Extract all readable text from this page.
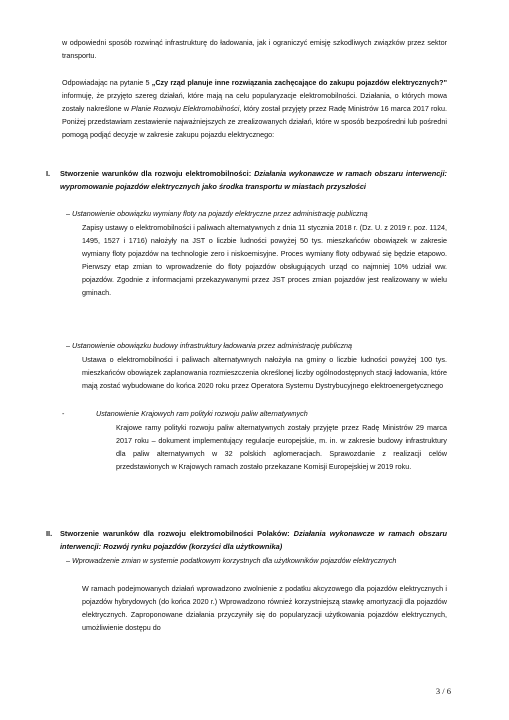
w odpowiedni sposób rozwinąć infrastrukturę do ładowania, jak i ograniczyć emisję szkodliwych związków przez sektor transportu.

Odpowiadając na pytanie 5 „Czy rząd planuje inne rozwiązania zachęcające do zakupu pojazdów elektrycznych?" informuję, że przyjęto szereg działań, które mają na celu popularyzacje elektromobilności. Działania, o których mowa zostały nakreślone w Planie Rozwoju Elektromobilności, który został przyjęty przez Radę Ministrów 16 marca 2017 roku. Poniżej przedstawiam zestawienie najważniejszych ze zrealizowanych działań, które w sposób bezpośredni lub pośredni pomogą podjąć decyzje w zakresie zakupu pojazdu elektrycznego:

I. Stworzenie warunków dla rozwoju elektromobilności: Działania wykonawcze w ramach obszaru interwencji: wypromowanie pojazdów elektrycznych jako środka transportu w miastach przyszłości

– Ustanowienie obowiązku wymiany floty na pojazdy elektryczne przez administrację publiczną

Zapisy ustawy o elektromobilności i paliwach alternatywnych z dnia 11 stycznia 2018 r. (Dz. U. z 2019 r. poz. 1124, 1495, 1527 i 1716) nałożyły na JST o liczbie ludności powyżej 50 tys. mieszkańców obowiązek w zakresie wymiany floty pojazdów na technologie zero i niskoemisyjne. Proces wymiany floty odbywać się będzie etapowo. Pierwszy etap zmian to wprowadzenie do floty pojazdów obsługujących urząd co najmniej 10% udział ww. pojazdów. Zgodnie z informacjami przekazywanymi przez JST proces zmian pojazdów jest realizowany w wielu gminach.

– Ustanowienie obowiązku budowy infrastruktury ładowania przez administrację publiczną

Ustawa o elektromobilności i paliwach alternatywnych nałożyła na gminy o liczbie ludności powyżej 100 tys. mieszkańców obowiązek zaplanowania rozmieszczenia określonej liczby ogólnodostępnych stacji ładowania, które mają zostać wybudowane do końca 2020 roku przez Operatora Systemu Dystrybucyjnego elektroenergetycznego

-	Ustanowienie Krajowych ram polityki rozwoju paliw alternatywnych

Krajowe ramy polityki rozwoju paliw alternatywnych zostały przyjęte przez Radę Ministrów 29 marca 2017 roku – dokument implementujący regulacje europejskie, m. in. w zakresie budowy infrastruktury dla paliw alternatywnych w 32 polskich aglomeracjach. Sprawozdanie z realizacji celów przedstawionych w Krajowych ramach zostało przekazane Komisji Europejskiej w 2019 roku.

II. Stworzenie warunków dla rozwoju elektromobilności Polaków: Działania wykonawcze w ramach obszaru interwencji: Rozwój rynku pojazdów (korzyści dla użytkownika)

– Wprowadzenie zmian w systemie podatkowym korzystnych dla użytkowników pojazdów elektrycznych

W ramach podejmowanych działań wprowadzono zwolnienie z podatku akcyzowego dla pojazdów elektrycznych i pojazdów hybrydowych (do końca 2020 r.) Wprowadzono również korzystniejszą stawkę amortyzacji dla pojazdów elektrycznych. Zaproponowane działania przyczyniły się do popularyzacji użytkowania pojazdów elektrycznych, umożliwienie dostępu do

3 / 6
